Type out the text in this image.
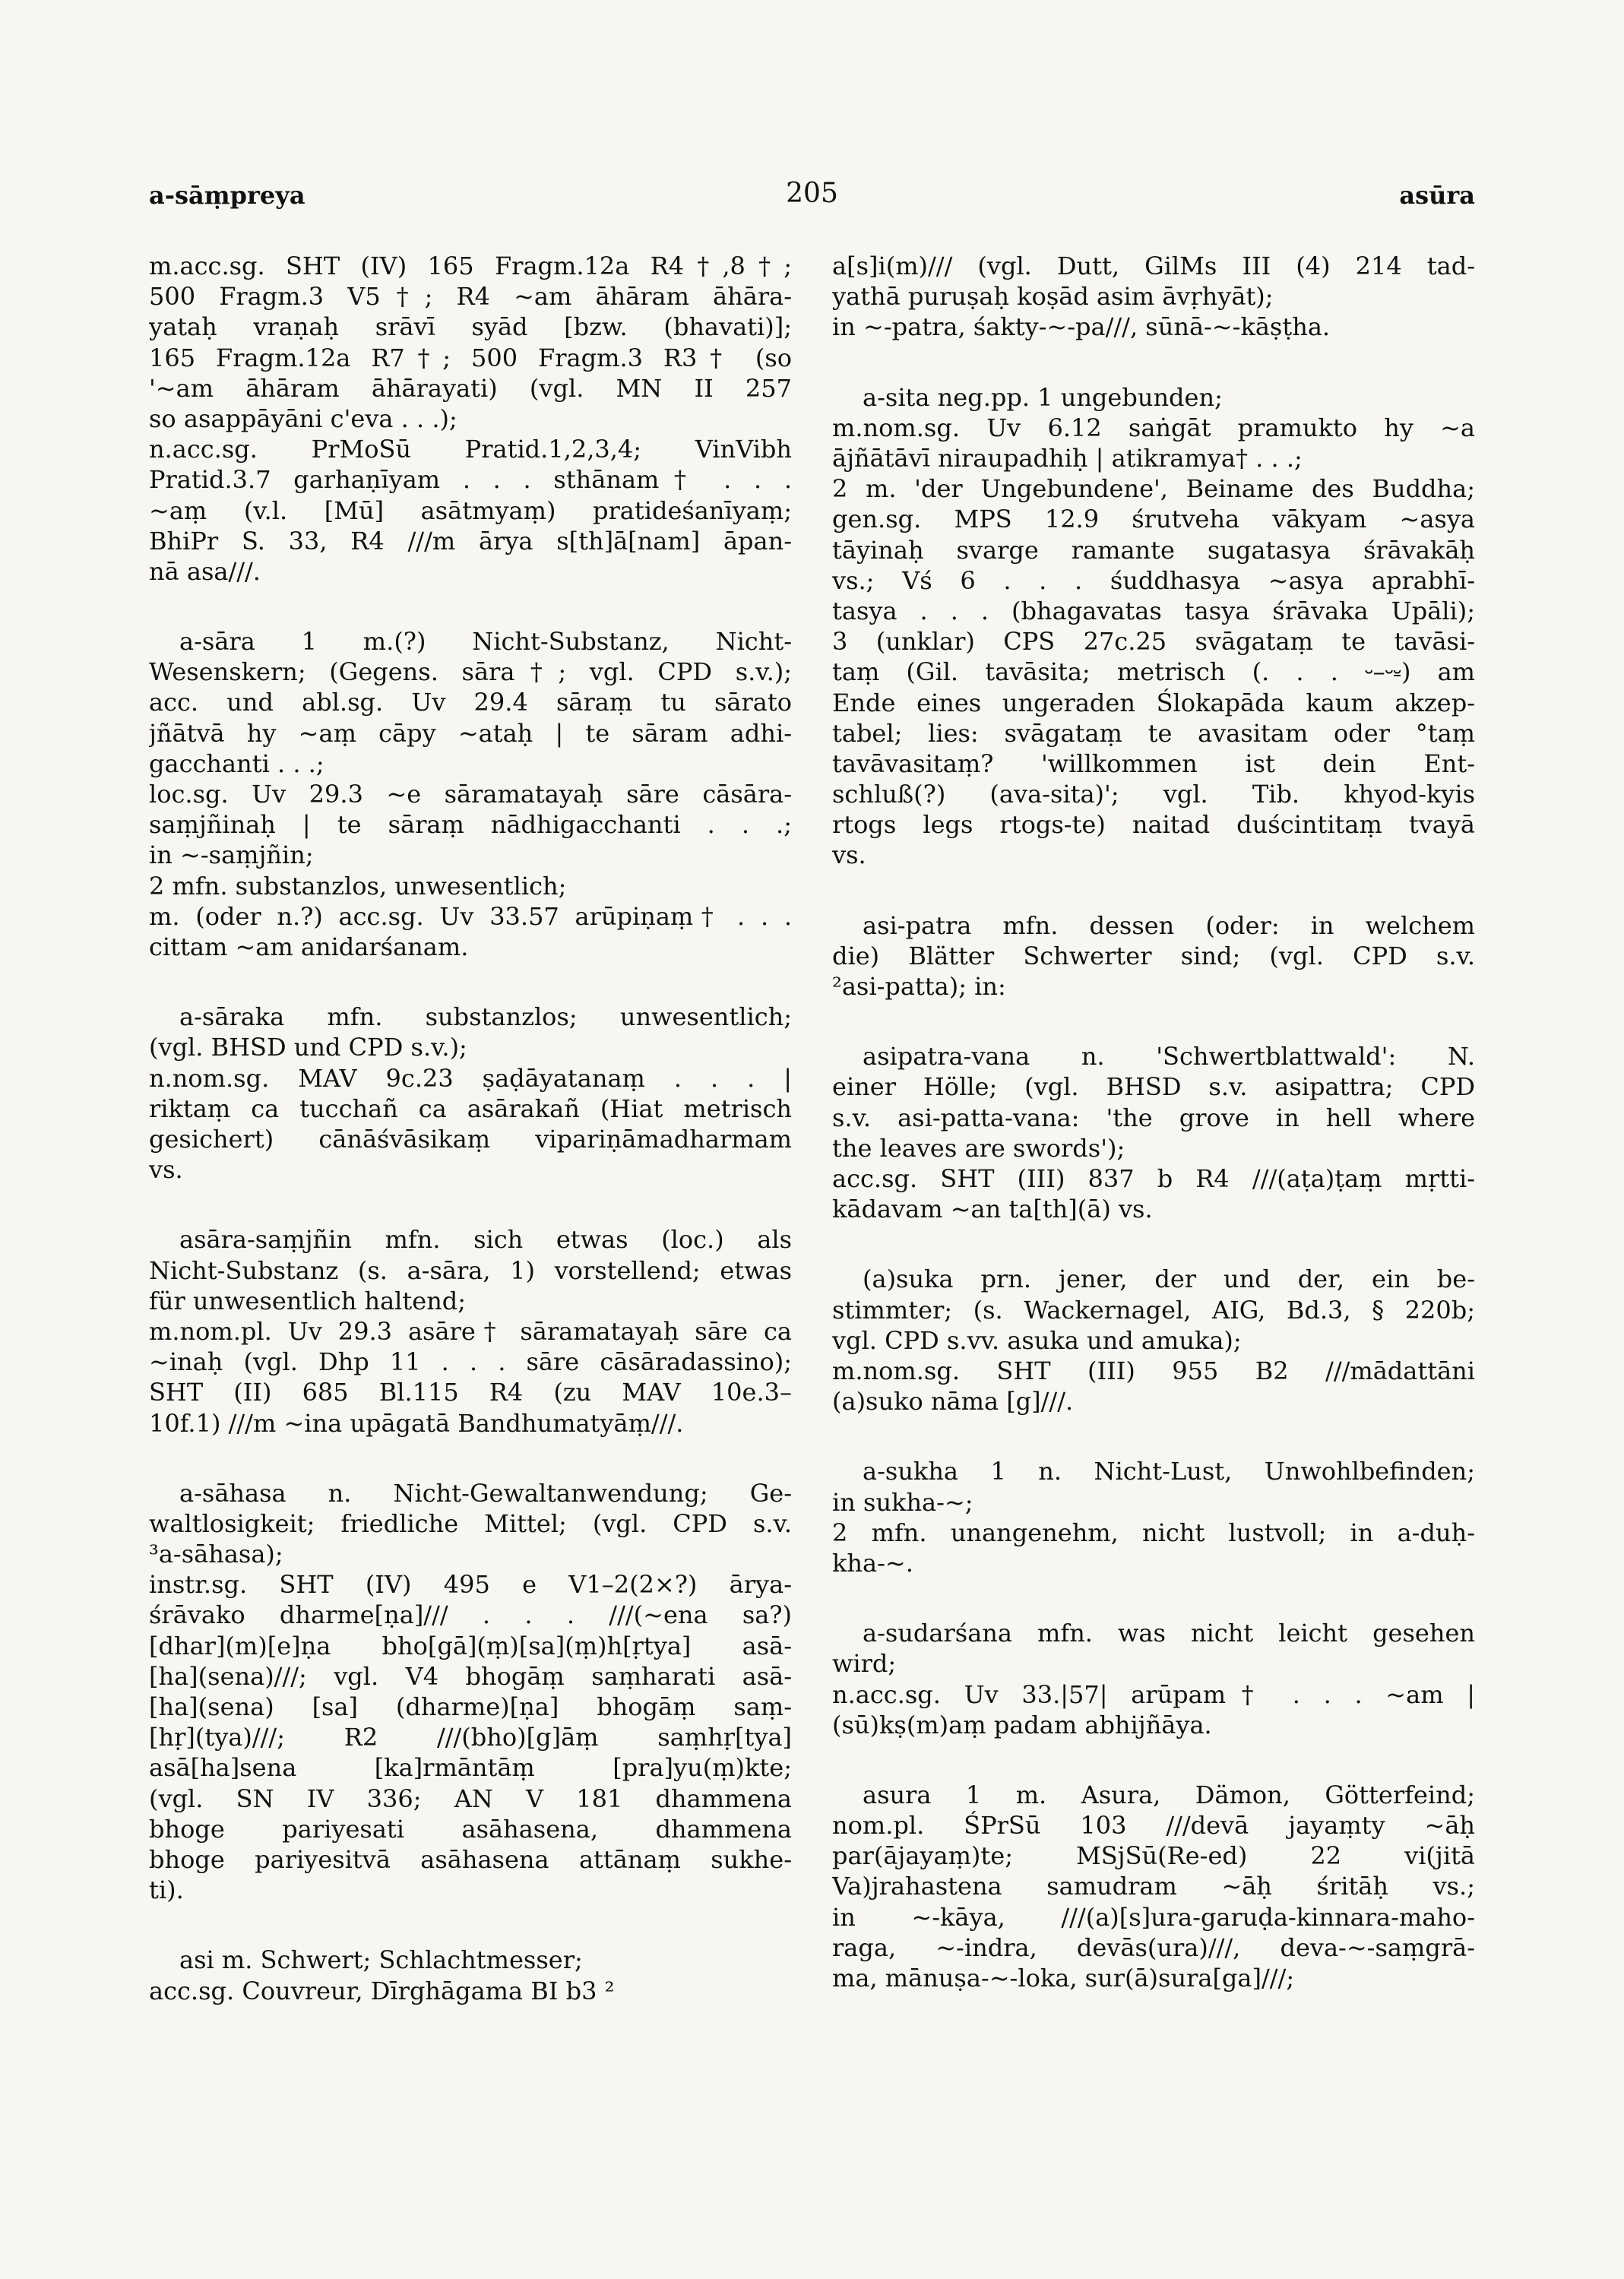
a-sāṃpreya	205	asūra
m.acc.sg. SHT (IV) 165 Fragm.12a R4†,8†;
500 Fragm.3 V5†; R4 ~am āhāram āhāra-
yataḥ vraṇaḥ srāvī syād [bzw. (bhavati)];
165 Fragm.12a R7†; 500 Fragm.3 R3† (so
'~am āhāram āhārayati) (vgl. MN II 257
so asappāyāni c'eva . . .);
n.acc.sg. PrMoSū Pratid.1,2,3,4; VinVibh
Pratid.3.7 garhaṇīyam . . . sthānam† . . .
~aṃ (v.l. [Mū] asātmyaṃ) pratideśanīyaṃ;
BhiPr S. 33, R4 ///m ārya s[th]ā[nam] āpan-
nā asa///.
a-sāra 1 m.(?) Nicht-Substanz, Nicht-
Wesenskern; (Gegens. sāra†; vgl. CPD s.v.);
acc. und abl.sg. Uv 29.4 sāraṃ tu sārato
jñātvā hy ~aṃ cāpy ~ataḥ | te sāram adhi-
gacchanti . . .;
loc.sg. Uv 29.3 ~e sāramatayaḥ sāre cāsāra-
saṃjñinaḥ | te sāraṃ nādhigacchanti . . .;
in ~-saṃjñin;
2 mfn. substanzlos, unwesentlich;
m. (oder n.?) acc.sg. Uv 33.57 arūpiṇaṃ† . . .
cittam ~am anidarśanam.
a-sāraka mfn. substanzlos; unwesentlich;
(vgl. BHSD und CPD s.v.);
n.nom.sg. MAV 9c.23 ṣaḍāyatanaṃ . . . |
riktaṃ ca tucchañ ca asārakañ (Hiat metrisch
gesichert) cānāśvāsikaṃ vipariṇāmadharmam
vs.
asāra-saṃjñin mfn. sich etwas (loc.) als
Nicht-Substanz (s. a-sāra, 1) vorstellend; etwas
für unwesentlich haltend;
m.nom.pl. Uv 29.3 asāre† sāramatayaḥ sāre ca
~inaḥ (vgl. Dhp 11 . . . sāre cāsāradassino);
SHT (II) 685 Bl.115 R4 (zu MAV 10e.3–
10f.1) ///m ~ina upāgatā Bandhumatyāṃ///.
a-sāhasa n. Nicht-Gewaltanwendung; Ge-
waltlosigkeit; friedliche Mittel; (vgl. CPD s.v.
³a-sāhasa);
instr.sg. SHT (IV) 495 e V1–2(2×?) ārya-
śrāvako dharme[ṇa]/// . . . ///(~ena sa?)
[dhar](m)[e]ṇa bho[gā](ṃ)[sa](ṃ)h[ṛtya] asā-
[ha](sena)///; vgl. V4 bhogāṃ saṃharati asā-
[ha](sena) [sa] (dharme)[ṇa] bhogāṃ saṃ-
[hṛ](tya)///; R2 ///(bho)[g]āṃ saṃhṛ[tya]
asā[ha]sena [ka]rmāntāṃ [pra]yu(ṃ)kte;
(vgl. SN IV 336; AN V 181 dhammena
bhoge pariyesati asāhasena, dhammena
bhoge pariyesitvā asāhasena attānaṃ sukhe-
ti).
asi m. Schwert; Schlachtmesser;
acc.sg. Couvreur, Dīrghāgama BI b3 ²
a[s]i(m)/// (vgl. Dutt, GilMs III (4) 214 tad-
yathā puruṣaḥ koṣād asim āvṛhyāt);
in ~-patra, śakty-~-pa///, sūnā-~-kāṣṭha.
a-sita neg.pp. 1 ungebunden;
m.nom.sg. Uv 6.12 saṅgāt pramukto hy ~a
ājñātāvī niraupadhiḥ | atikramya† . . .;
2 m. 'der Ungebundene', Beiname des Buddha;
gen.sg. MPS 12.9 śrutveha vākyam ~asya
tāyinaḥ svarge ramante sugatasya śrāvakāḥ
vs.; Vś 6 . . . śuddhasya ~asya aprabhī-
tasya . . . (bhagavatas tasya śrāvaka Upāli);
3 (unklar) CPS 27c.25 svāgataṃ te tavāsi-
taṃ (Gil. tavāsita; metrisch (. . . ⏑–⏑⏓) am
Ende eines ungeraden Ślokapāda kaum akzep-
tabel; lies: svāgataṃ te avasitam oder °taṃ
tavāvasitaṃ? 'willkommen ist dein Ent-
schluß(?) (ava-sita)'; vgl. Tib. khyod-kyis
rtogs legs rtogs-te) naitad duścintitaṃ tvayā
vs.
asi-patra mfn. dessen (oder: in welchem
die) Blätter Schwerter sind; (vgl. CPD s.v.
²asi-patta); in:
asipatra-vana n. 'Schwertblattwald': N.
einer Hölle; (vgl. BHSD s.v. asipattra; CPD
s.v. asi-patta-vana: 'the grove in hell where
the leaves are swords');
acc.sg. SHT (III) 837 b R4 ///(aṭa)ṭaṃ mṛtti-
kādavam ~an ta[th](ā) vs.
(a)suka prn. jener, der und der, ein be-
stimmter; (s. Wackernagel, AIG, Bd.3, § 220b;
vgl. CPD s.vv. asuka und amuka);
m.nom.sg. SHT (III) 955 B2 ///mādattāni
(a)suko nāma [g]///.
a-sukha 1 n. Nicht-Lust, Unwohlbefinden;
in sukha-~;
2 mfn. unangenehm, nicht lustvoll; in a-duḥ-
kha-~.
a-sudarśana mfn. was nicht leicht gesehen
wird;
n.acc.sg. Uv 33.|57| arūpam† . . . ~am |
(sū)kṣ(m)aṃ padam abhijñāya.
asura 1 m. Asura, Dämon, Götterfeind;
nom.pl. ŚPrSū 103 ///devā jayaṃty ~āḥ
par(ājayaṃ)te; MSjSū(Re-ed) 22 vi(jitā
Va)jrahastena samudram ~āḥ śritāḥ vs.;
in ~-kāya, ///(a)[s]ura-garuḍa-kinnara-maho-
raga, ~-indra, devās(ura)///, deva-~-saṃgrā-
ma, mānuṣa-~-loka, sur(ā)sura[ga]///;
